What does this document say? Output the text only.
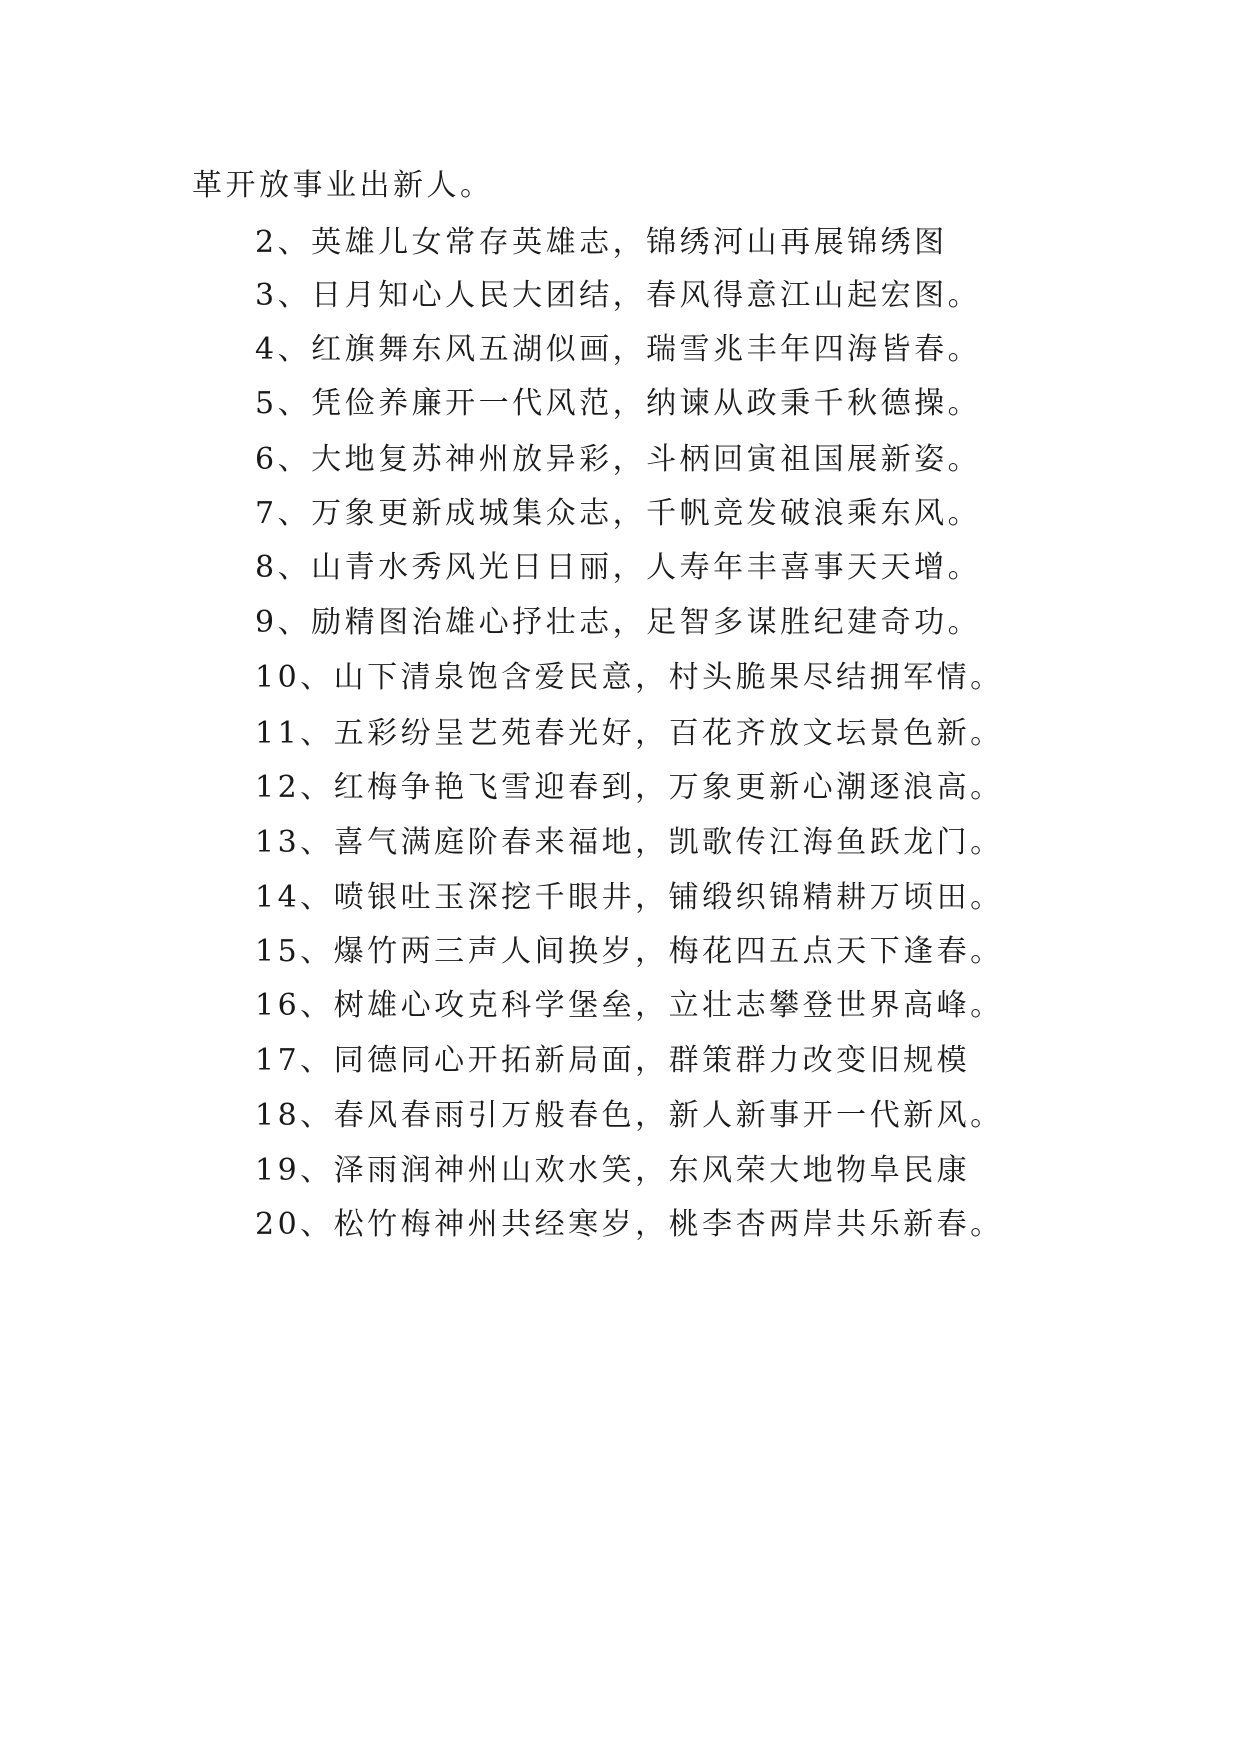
革开放事业出新人。
2、英雄儿女常存英雄志，锦绣河山再展锦绣图
3、日月知心人民大团结，春风得意江山起宏图。
4、红旗舞东风五湖似画，瑞雪兆丰年四海皆春。
5、凭俭养廉开一代风范，纳谏从政秉千秋德操。
6、大地复苏神州放异彩，斗柄回寅祖国展新姿。
7、万象更新成城集众志，千帆竞发破浪乘东风。
8、山青水秀风光日日丽，人寿年丰喜事天天增。
9、励精图治雄心抒壮志，足智多谋胜纪建奇功。
10、山下清泉饱含爱民意，村头脆果尽结拥军情。
11、五彩纷呈艺苑春光好，百花齐放文坛景色新。
12、红梅争艳飞雪迎春到，万象更新心潮逐浪高。
13、喜气满庭阶春来福地，凯歌传江海鱼跃龙门。
14、喷银吐玉深挖千眼井，铺缎织锦精耕万顷田。
15、爆竹两三声人间换岁，梅花四五点天下逢春。
16、树雄心攻克科学堡垒，立壮志攀登世界高峰。
17、同德同心开拓新局面，群策群力改变旧规模
18、春风春雨引万般春色，新人新事开一代新风。
19、泽雨润神州山欢水笑，东风荣大地物阜民康
20、松竹梅神州共经寒岁，桃李杏两岸共乐新春。
